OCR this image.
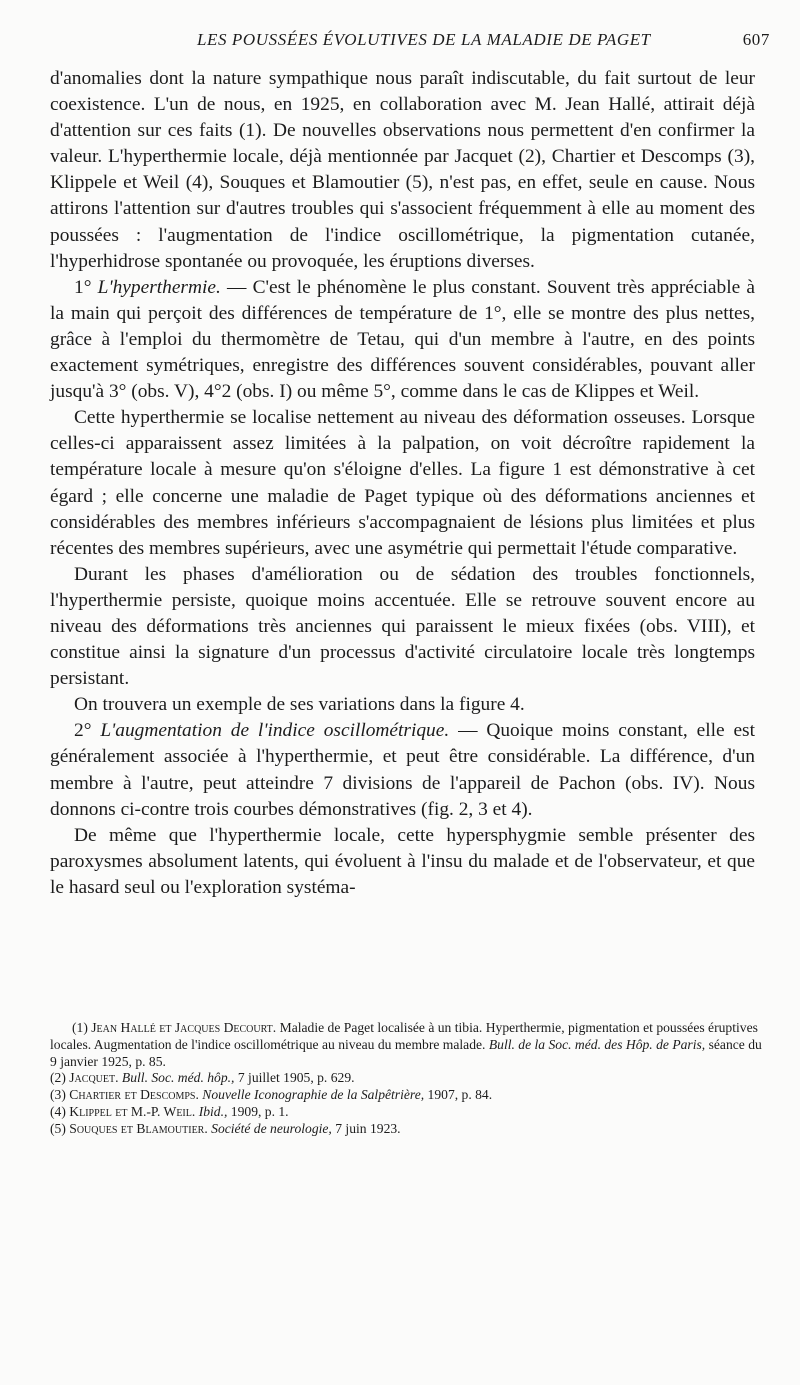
LES POUSSÉES ÉVOLUTIVES DE LA MALADIE DE PAGET	607

d'anomalies dont la nature sympathique nous paraît indiscutable, du fait surtout de leur coexistence. L'un de nous, en 1925, en collaboration avec M. Jean Hallé, attirait déjà d'attention sur ces faits (1). De nouvelles observations nous permettent d'en confirmer la valeur. L'hyperthermie locale, déjà mentionnée par Jacquet (2), Chartier et Descomps (3), Klippele et Weil (4), Souques et Blamoutier (5), n'est pas, en effet, seule en cause. Nous attirons l'attention sur d'autres troubles qui s'associent fréquemment à elle au moment des poussées : l'augmentation de l'indice oscillométrique, la pigmentation cutanée, l'hyperhidrose spontanée ou provoquée, les éruptions diverses.

1° L'hyperthermie. — C'est le phénomène le plus constant. Souvent très appréciable à la main qui perçoit des différences de température de 1°, elle se montre des plus nettes, grâce à l'emploi du thermomètre de Tetau, qui d'un membre à l'autre, en des points exactement symétriques, enregistre des différences souvent considérables, pouvant aller jusqu'à 3° (obs. V), 4°2 (obs. I) ou même 5°, comme dans le cas de Klippes et Weil.

Cette hyperthermie se localise nettement au niveau des déformation osseuses. Lorsque celles-ci apparaissent assez limitées à la palpation, on voit décroître rapidement la température locale à mesure qu'on s'éloigne d'elles. La figure 1 est démonstrative à cet égard ; elle concerne une maladie de Paget typique où des déformations anciennes et considérables des membres inférieurs s'accompagnaient de lésions plus limitées et plus récentes des membres supérieurs, avec une asymétrie qui permettait l'étude comparative.

Durant les phases d'amélioration ou de sédation des troubles fonctionnels, l'hyperthermie persiste, quoique moins accentuée. Elle se retrouve souvent encore au niveau des déformations très anciennes qui paraissent le mieux fixées (obs. VIII), et constitue ainsi la signature d'un processus d'activité circulatoire locale très longtemps persistant.

On trouvera un exemple de ses variations dans la figure 4.

2° L'augmentation de l'indice oscillométrique. — Quoique moins constant, elle est généralement associée à l'hyperthermie, et peut être considérable. La différence, d'un membre à l'autre, peut atteindre 7 divisions de l'appareil de Pachon (obs. IV). Nous donnons ci-contre trois courbes démonstratives (fig. 2, 3 et 4).

De même que l'hyperthermie locale, cette hypersphygmie semble présenter des paroxysmes absolument latents, qui évoluent à l'insu du malade et de l'observateur, et que le hasard seul ou l'exploration systéma-

(1) Jean Hallé et Jacques Decourt. Maladie de Paget localisée à un tibia. Hyperthermie, pigmentation et poussées éruptives locales. Augmentation de l'indice oscillométrique au niveau du membre malade. Bull. de la Soc. méd. des Hôp. de Paris, séance du 9 janvier 1925, p. 85.

(2) Jacquet. Bull. Soc. méd. hôp., 7 juillet 1905, p. 629.

(3) Chartier et Descomps. Nouvelle Iconographie de la Salpêtrière, 1907, p. 84.

(4) Klippel et M.-P. Weil. Ibid., 1909, p. 1.

(5) Souques et Blamoutier. Société de neurologie, 7 juin 1923.
